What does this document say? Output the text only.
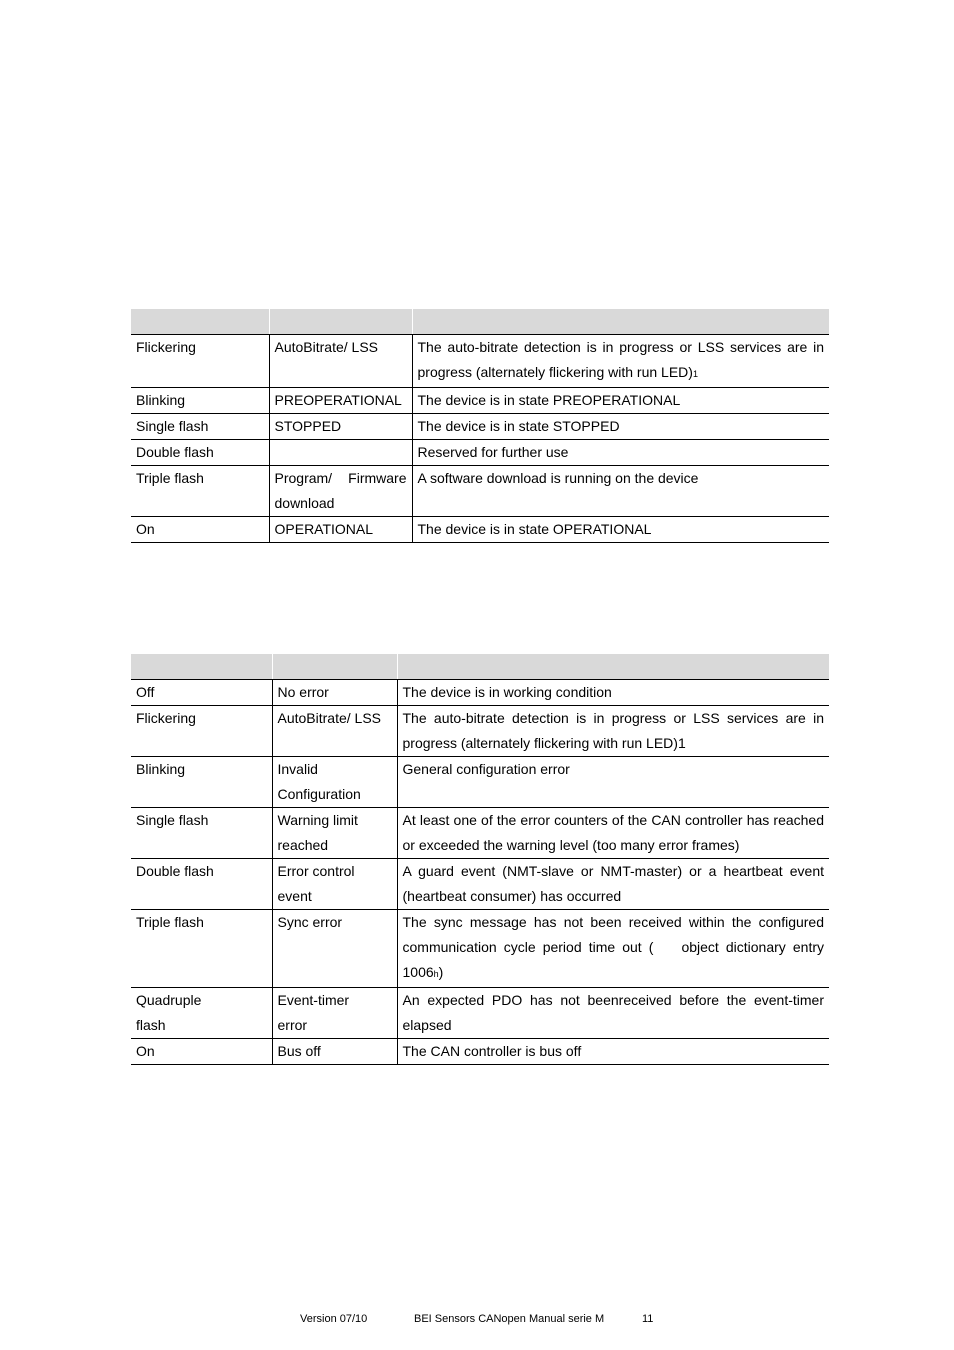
Flickering	AutoBitrate/ LSS	The auto-bitrate detection is in progress or LSS services are in progress (alternately flickering with run LED)1
Blinking	PREOPERATIONAL	The device is in state PREOPERATIONAL
Single flash	STOPPED	The device is in state STOPPED
Double flash		Reserved for further use
Triple flash	Program/ Firmware download	A software download is running on the device
On	OPERATIONAL	The device is in state OPERATIONAL

Off	No error	The device is in working condition
Flickering	AutoBitrate/ LSS	The auto-bitrate detection is in progress or LSS services are in progress (alternately flickering with run LED)1
Blinking	Invalid Configuration	General configuration error
Single flash	Warning limit reached	At least one of the error counters of the CAN controller has reached or exceeded the warning level (too many error frames)
Double flash	Error control event	A guard event (NMT-slave or NMT-master) or a heartbeat event (heartbeat consumer) has occurred
Triple flash	Sync error	The sync message has not been received within the configured communication cycle period time out ( object dictionary entry 1006h)
Quadruple flash	Event-timer error	An expected PDO has not beenreceived before the event-timer elapsed
On	Bus off	The CAN controller is bus off
Version 07/10	BEI Sensors CANopen Manual serie M	11
